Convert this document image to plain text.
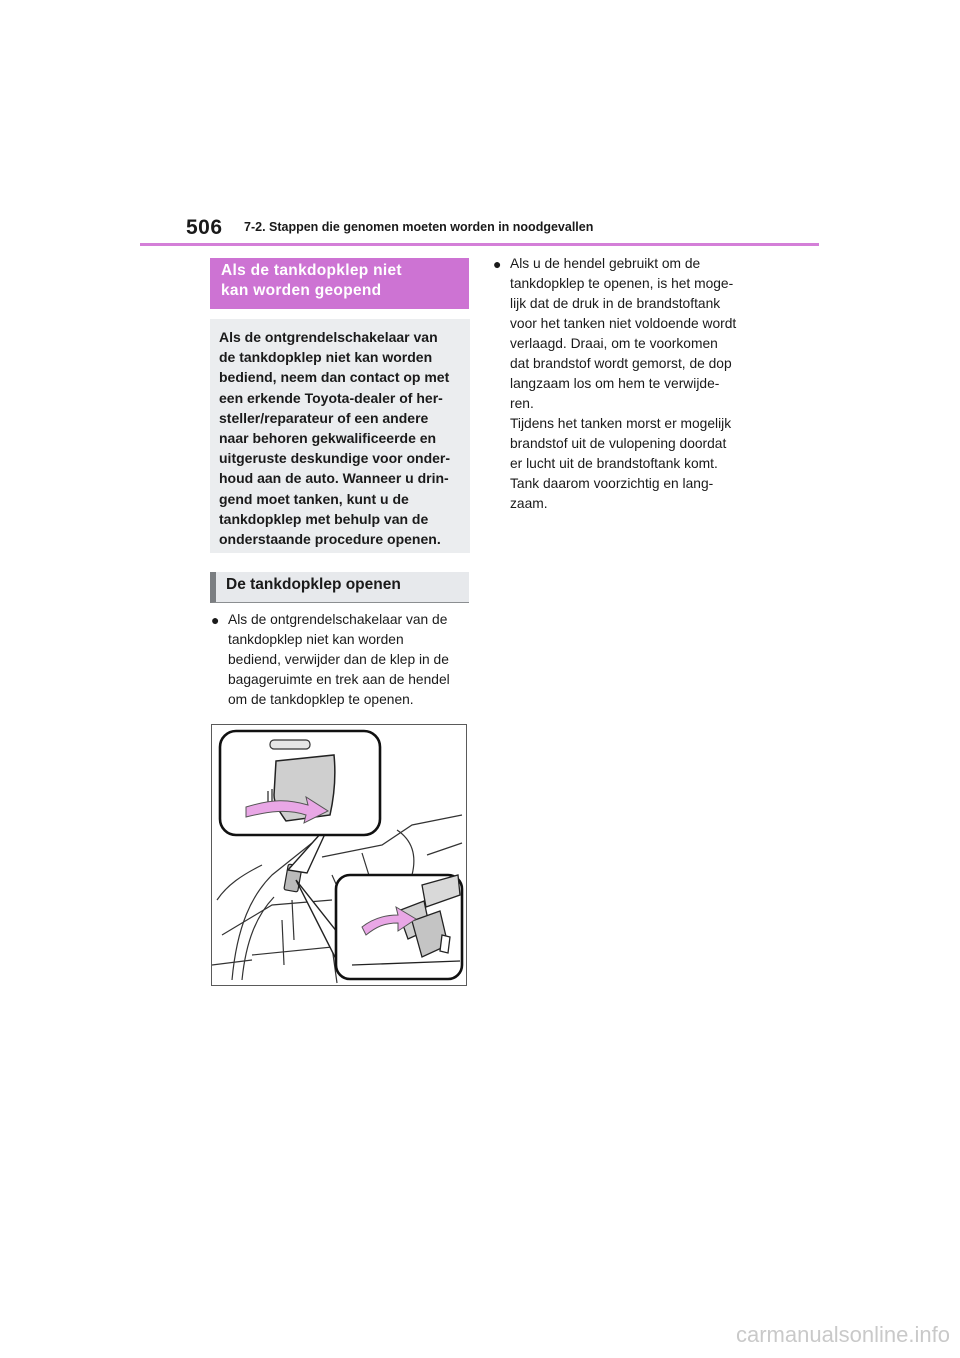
506 7-2. Stappen die genomen moeten worden in noodgevallen
Als de tankdopklep niet
kan worden geopend

Als de ontgrendelschakelaar van

de tankdopklep niet kan worden

bediend, neem dan contact op met

een erkende Toyota-dealer of her-

steller/reparateur of een andere

naar behoren gekwalificeerde en

uitgeruste deskundige voor onder-

houd aan de auto. Wanneer u drin-

gend moet tanken, kunt u de

tankdopklep met behulp van de

onderstaande procedure openen.

De tankdopklep openen
● Als de ontgrendelschakelaar van de

tankdopklep niet kan worden

bediend, verwijder dan de klep in de

bagageruimte en trek aan de hendel

om de tankdopklep te openen.

● Als u de hendel gebruikt om de

tankdopklep te openen, is het moge-

lijk dat de druk in de brandstoftank

voor het tanken niet voldoende wordt

verlaagd. Draai, om te voorkomen

dat brandstof wordt gemorst, de dop

langzaam los om hem te verwijde-

ren.

Tijdens het tanken morst er mogelijk

brandstof uit de vulopening doordat

er lucht uit de brandstoftank komt.

Tank daarom voorzichtig en lang-

zaam.

carmanualsonline.info
